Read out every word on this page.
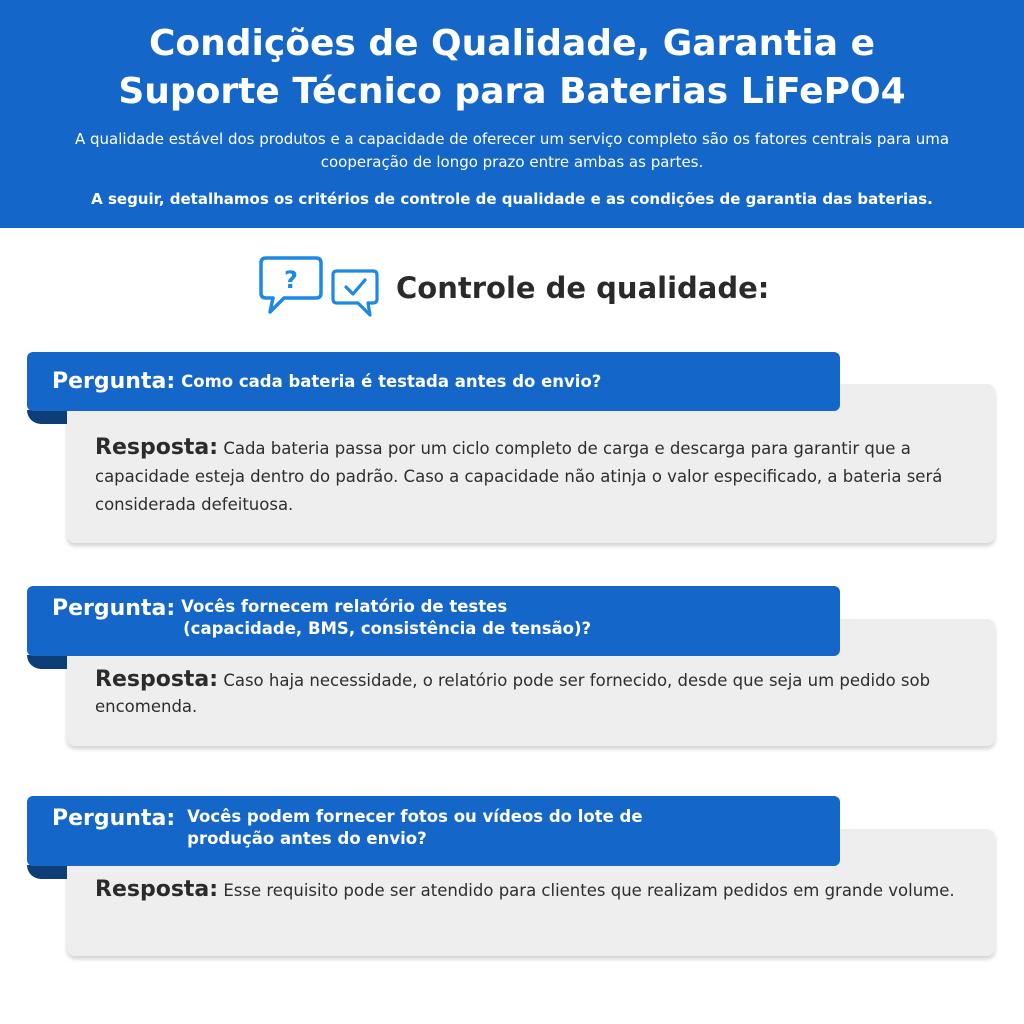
Condições de Qualidade, Garantia e
Suporte Técnico para Baterias LiFePO4
A qualidade estável dos produtos e a capacidade de oferecer um serviço completo são os fatores centrais para uma cooperação de longo prazo entre ambas as partes.
A seguir, detalhamos os critérios de controle de qualidade e as condições de garantia das baterias.
?	Controle de qualidade:
Resposta: Cada bateria passa por um ciclo completo de carga e descarga para garantir que a capacidade esteja dentro do padrão. Caso a capacidade não atinja o valor especificado, a bateria será considerada defeituosa.
Pergunta: Como cada bateria é testada antes do envio?
Resposta: Caso haja necessidade, o relatório pode ser fornecido, desde que seja um pedido sob encomenda.
Pergunta: Vocês fornecem relatório de testes
(capacidade, BMS, consistência de tensão)?
Resposta: Esse requisito pode ser atendido para clientes que realizam pedidos em grande volume.
Pergunta: Vocês podem fornecer fotos ou vídeos do lote de
produção antes do envio?
